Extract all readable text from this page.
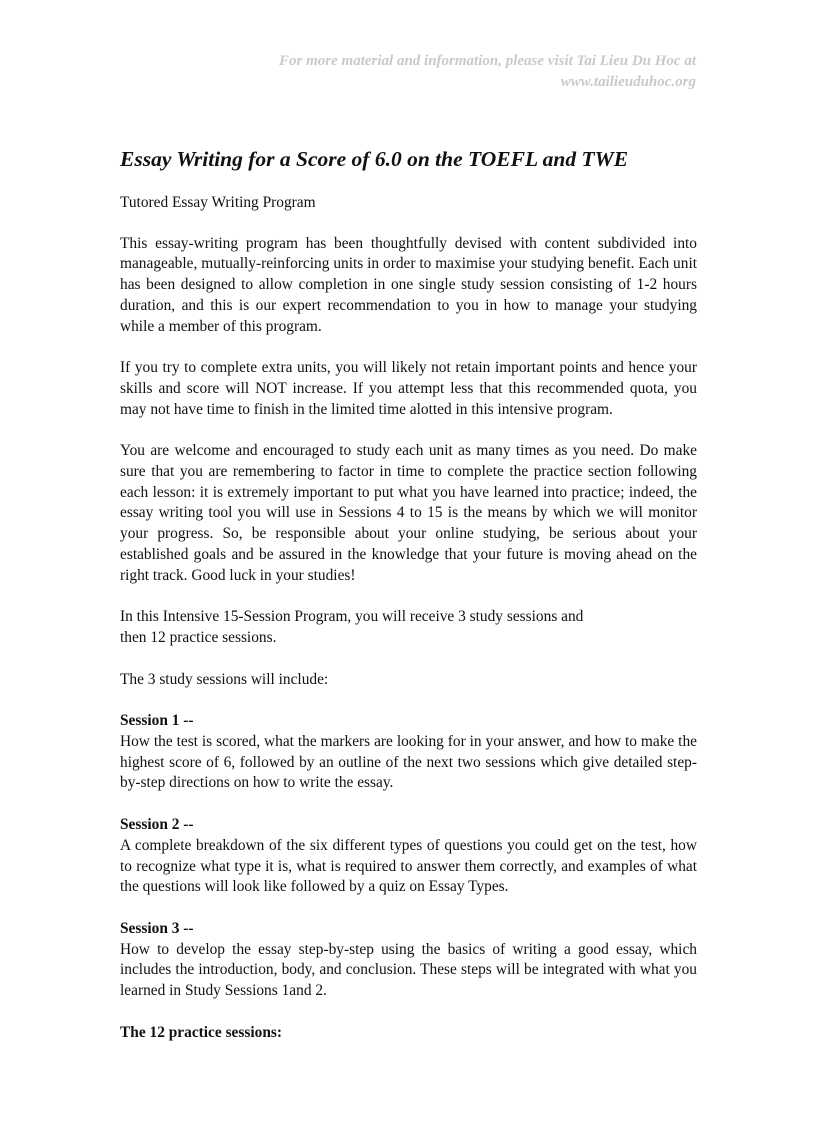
For more material and information, please visit Tai Lieu Du Hoc at
www.tailieuduhoc.org
Essay Writing for a Score of 6.0 on the TOEFL and TWE

Tutored Essay Writing Program

This essay-writing program has been thoughtfully devised with content subdivided into manageable, mutually-reinforcing units in order to maximise your studying benefit. Each unit has been designed to allow completion in one single study session consisting of 1-2 hours duration, and this is our expert recommendation to you in how to manage your studying while a member of this program.

If you try to complete extra units, you will likely not retain important points and hence your skills and score will NOT increase. If you attempt less that this recommended quota, you may not have time to finish in the limited time alotted in this intensive program.

You are welcome and encouraged to study each unit as many times as you need. Do make sure that you are remembering to factor in time to complete the practice section following each lesson: it is extremely important to put what you have learned into practice; indeed, the essay writing tool you will use in Sessions 4 to 15 is the means by which we will monitor your progress. So, be responsible about your online studying, be serious about your established goals and be assured in the knowledge that your future is moving ahead on the right track. Good luck in your studies!

In this Intensive 15-Session Program, you will receive 3 study sessions and
then 12 practice sessions.

The 3 study sessions will include:

Session 1 --
How the test is scored, what the markers are looking for in your answer, and how to make the highest score of 6, followed by an outline of the next two sessions which give detailed step-by-step directions on how to write the essay.

Session 2 --
A complete breakdown of the six different types of questions you could get on the test, how to recognize what type it is, what is required to answer them correctly, and examples of what the questions will look like followed by a quiz on Essay Types.

Session 3 --
How to develop the essay step-by-step using the basics of writing a good essay, which includes the introduction, body, and conclusion. These steps will be integrated with what you learned in Study Sessions 1and 2.

The 12 practice sessions:
